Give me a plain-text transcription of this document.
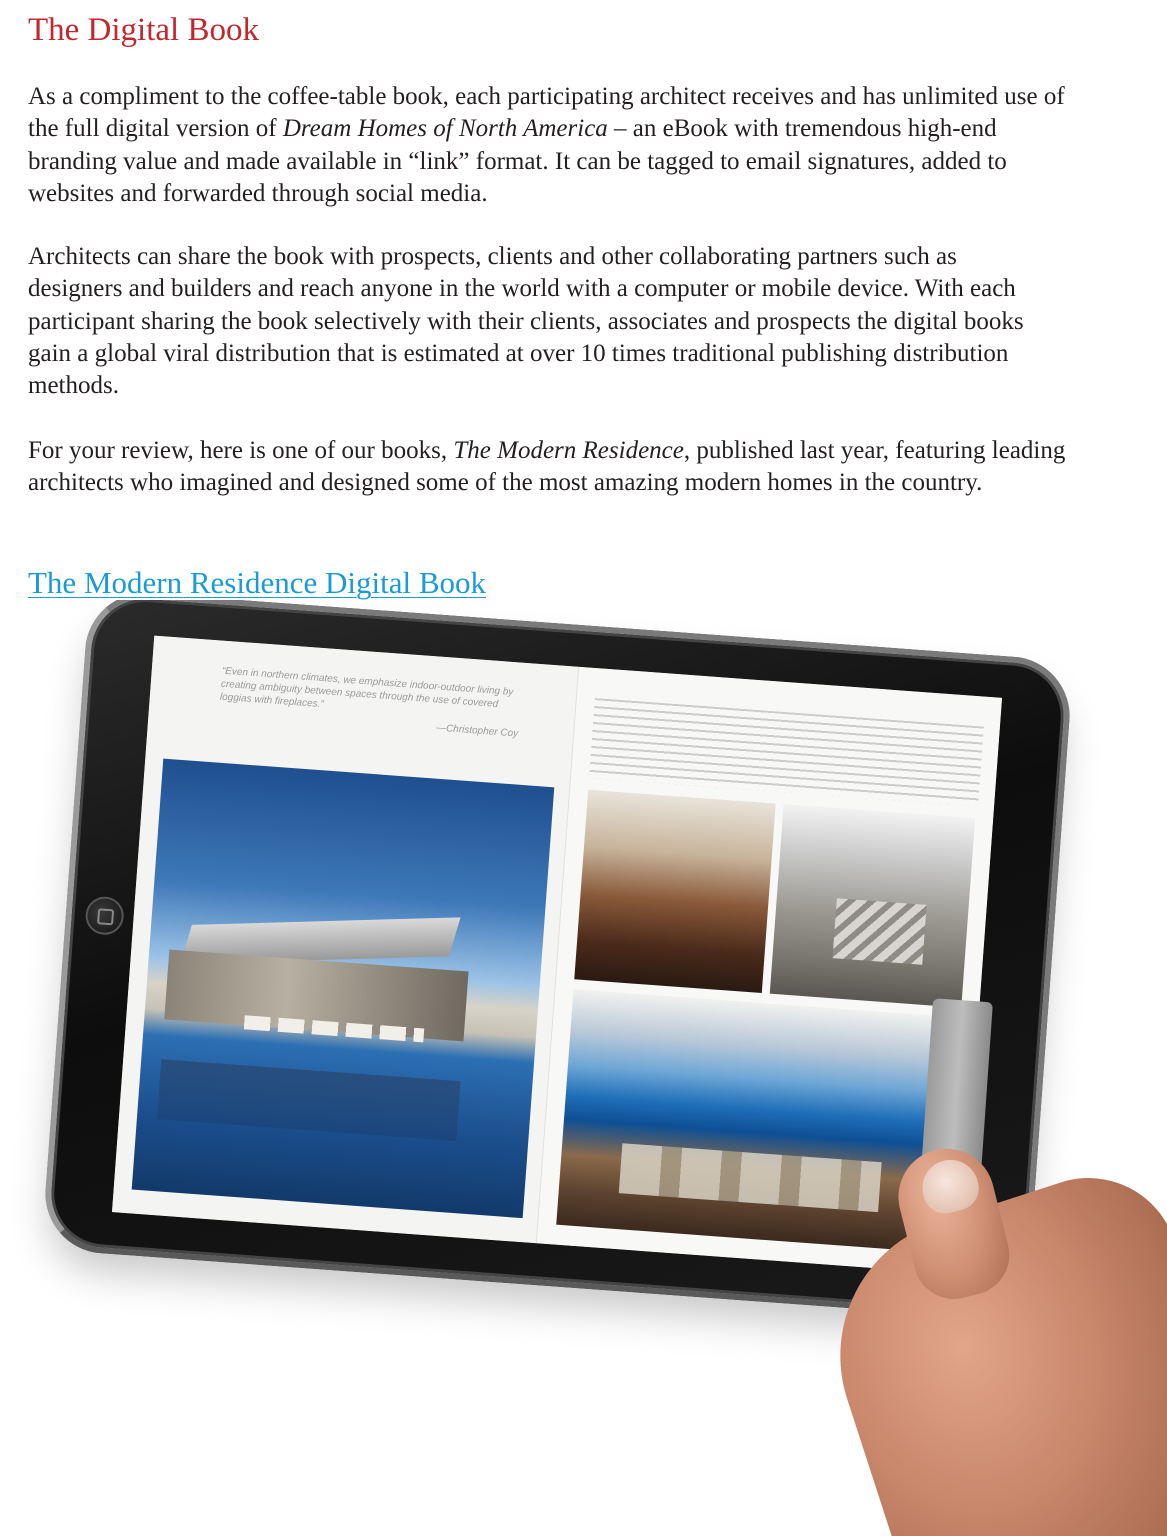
The Digital Book

As a compliment to the coffee-table book, each participating architect receives and has unlimited use of the full digital version of Dream Homes of North America – an eBook with tremendous high-end branding value and made available in “link” format. It can be tagged to email signatures, added to websites and forwarded through social media.

Architects can share the book with prospects, clients and other collaborating partners such as designers and builders and reach anyone in the world with a computer or mobile device. With each participant sharing the book selectively with their clients, associates and prospects the digital books gain a global viral distribution that is estimated at over 10 times traditional publishing distribution methods.

For your review, here is one of our books, The Modern Residence, published last year, featuring leading architects who imagined and designed some of the most amazing modern homes in the country.

The Modern Residence Digital Book
“Even in northern climates, we emphasize indoor-outdoor living by creating ambiguity between spaces through the use of covered loggias with fireplaces.”
—Christopher Coy
